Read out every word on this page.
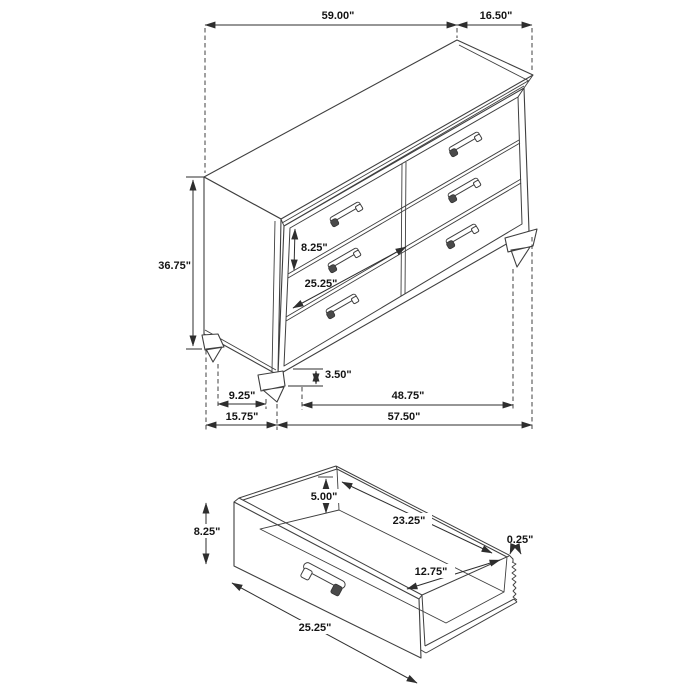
59.00"	16.50"
36.75"
8.25"
25.25"
3.50"
9.25"
15.75"
48.75"
57.50"
8.25"
5.00"
23.25"
12.75"
0.25"
25.25"
